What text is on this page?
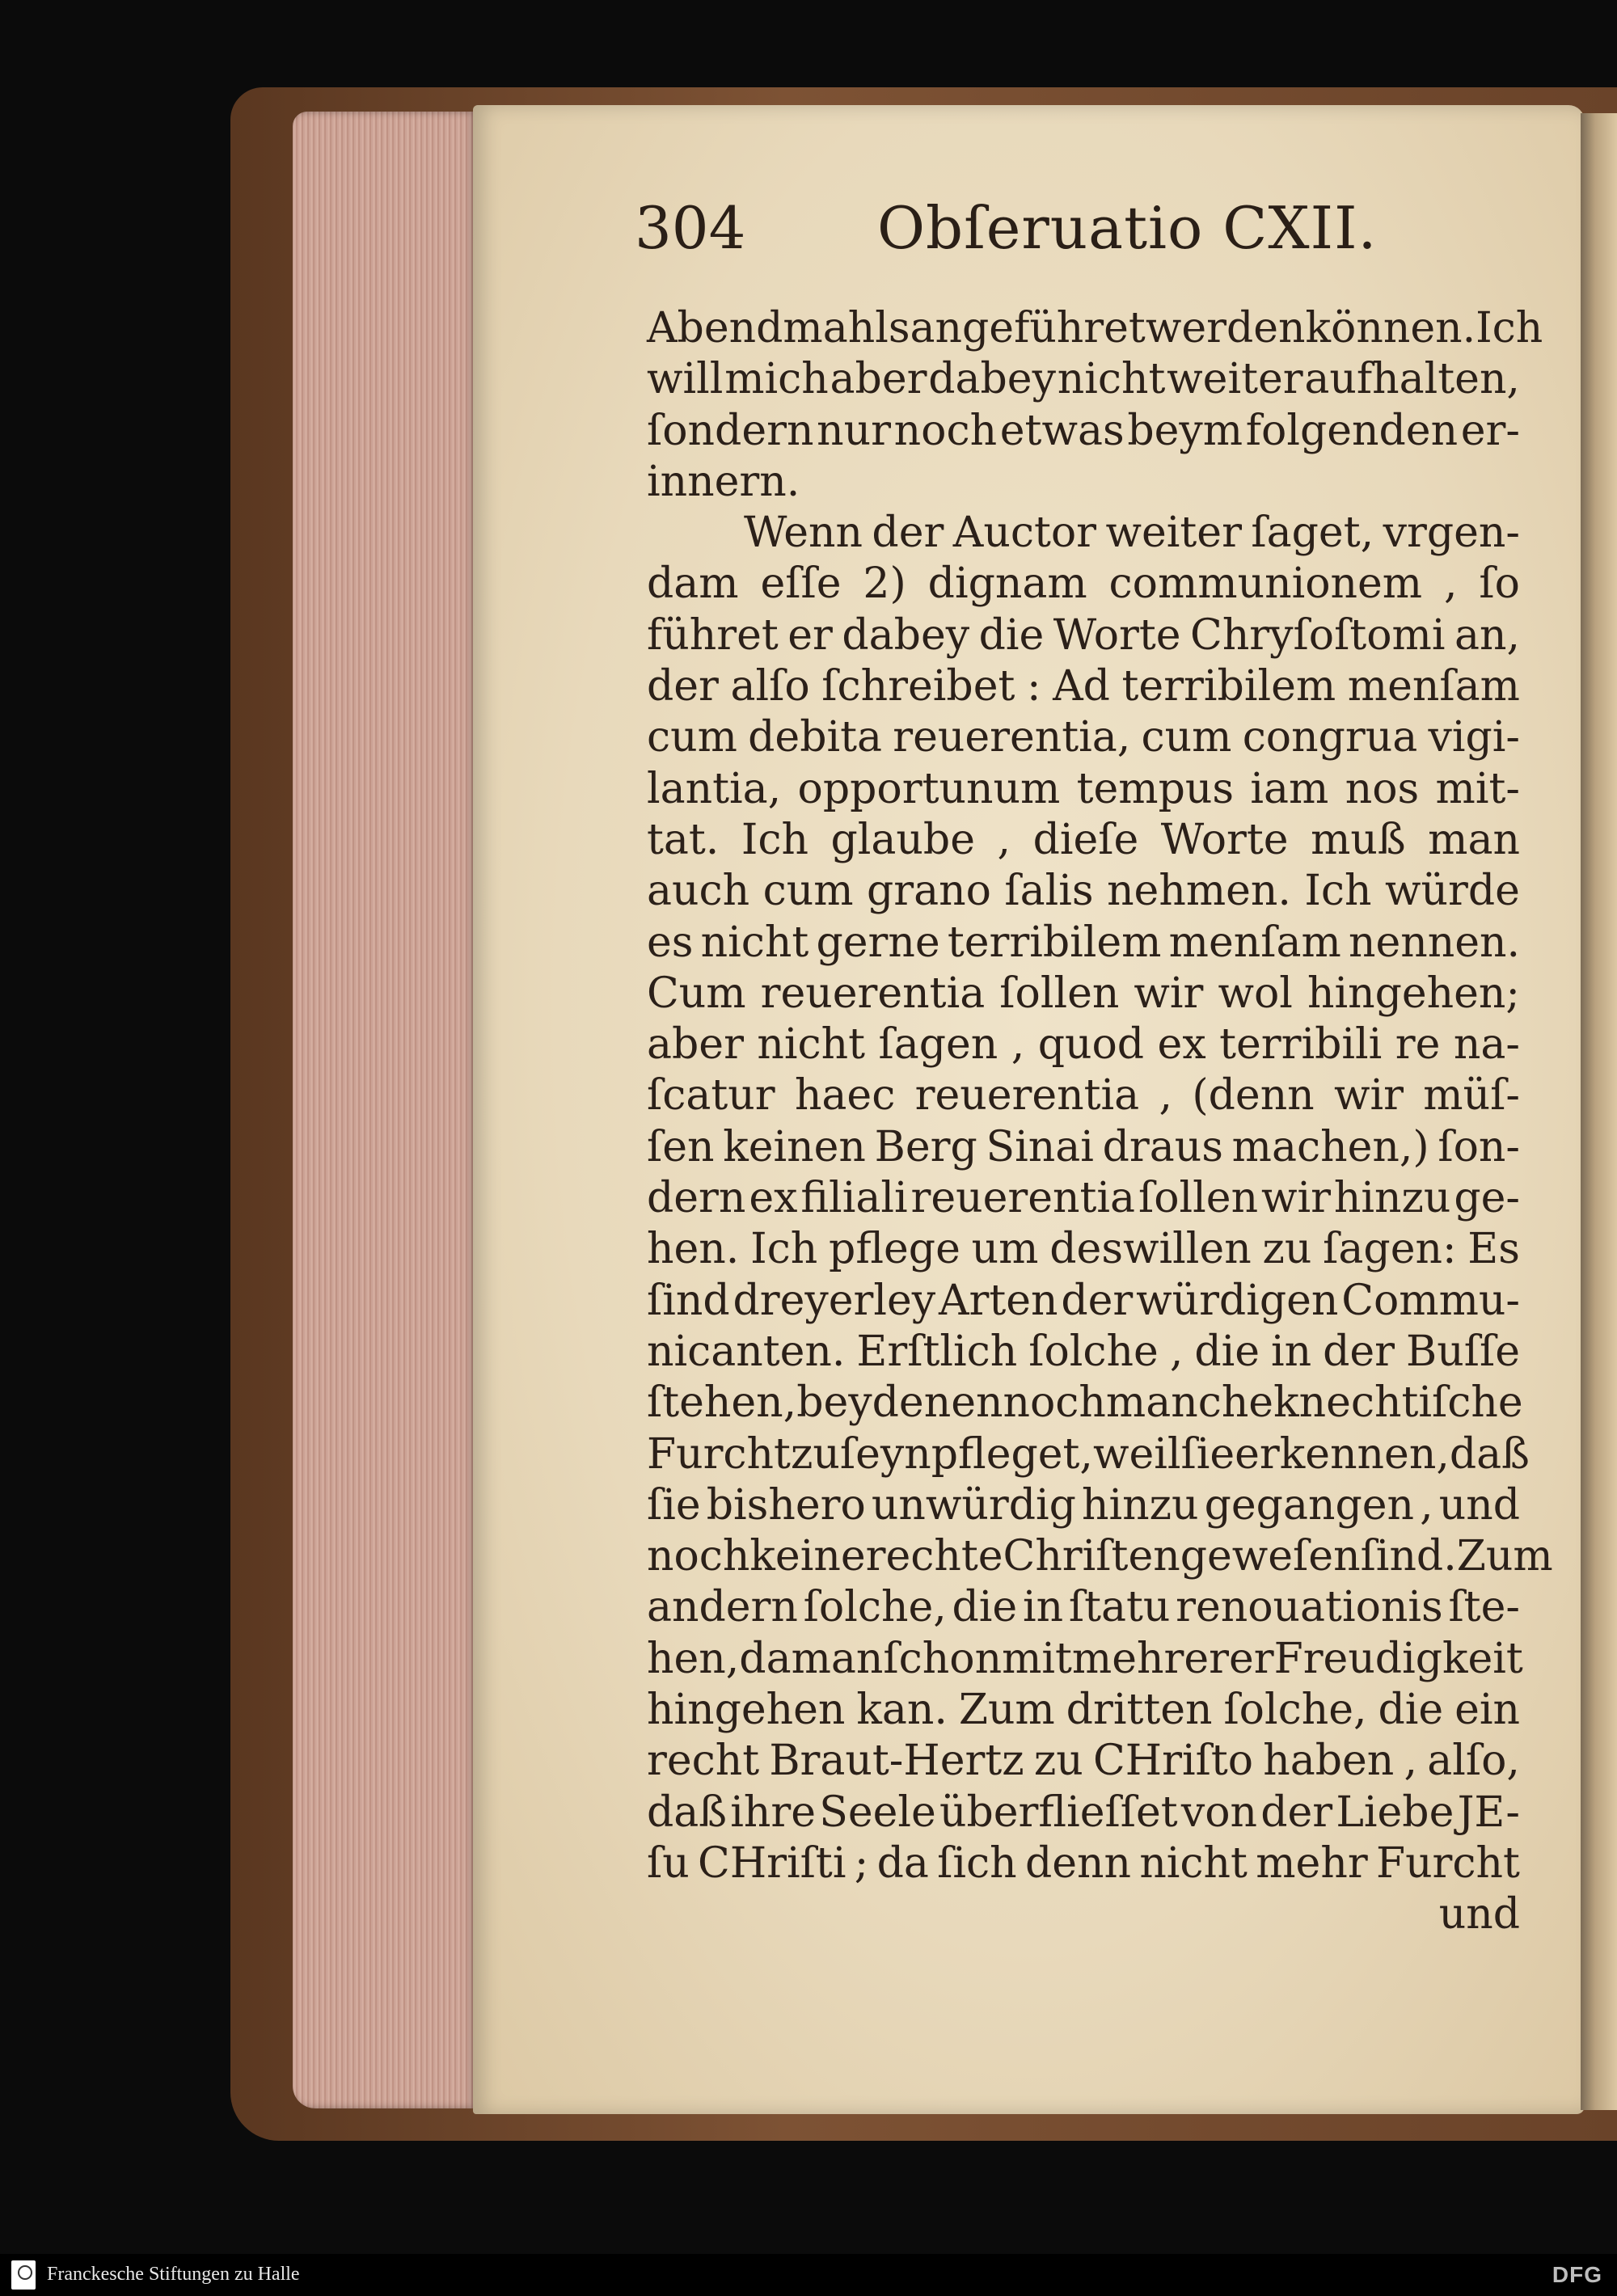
304 Obſeruatio CXII.
Abendmahls angeführet werden können. Ich
will mich aber dabey nicht weiter aufhalten,
ſondern nur noch etwas beym folgenden er-
innern.
Wenn der Auctor weiter ſaget, vrgen-
dam eſſe 2) dignam communionem , ſo
führet er dabey die Worte Chryſoſtomi an,
der alſo ſchreibet : Ad terribilem menſam
cum debita reuerentia, cum congrua vigi-
lantia, opportunum tempus iam nos mit-
tat. Ich glaube , dieſe Worte muß man
auch cum grano ſalis nehmen. Ich würde
es nicht gerne terribilem menſam nennen.
Cum reuerentia ſollen wir wol hingehen;
aber nicht ſagen , quod ex terribili re na-
ſcatur haec reuerentia , (denn wir müſ-
ſen keinen Berg Sinai draus machen,) ſon-
dern ex filiali reuerentia ſollen wir hinzu ge-
hen. Ich pflege um deswillen zu ſagen: Es
ſind dreyerley Arten der würdigen Commu-
nicanten. Erſtlich ſolche , die in der Buſſe
ſtehen , bey denen noch manche knechtiſche
Furcht zu ſeyn pfleget, weil ſie erkennen, daß
ſie bishero unwürdig hinzu gegangen , und
noch keine rechte Chriſten geweſen ſind. Zum
andern ſolche, die in ſtatu renouationis ſte-
hen, da man ſchon mit mehrerer Freudigkeit
hingehen kan. Zum dritten ſolche, die ein
recht Braut-Hertz zu CHriſto haben , alſo,
daß ihre Seele überflieſſet von der Liebe JE-
ſu CHriſti ; da ſich denn nicht mehr Furcht
und
Franckesche Stiftungen zu Halle	DFG
